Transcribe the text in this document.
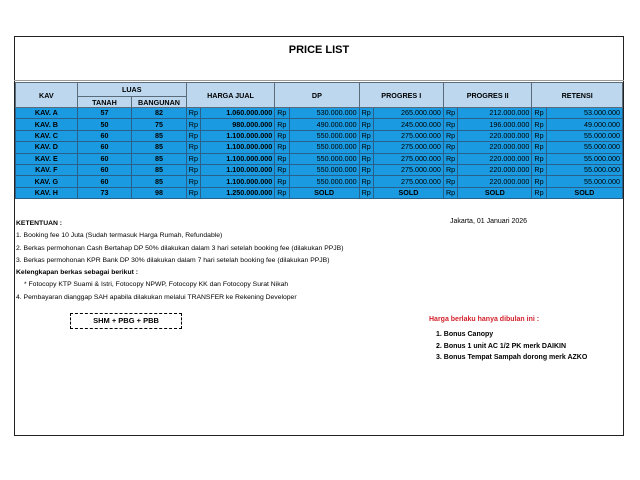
PRICE LIST
KAV	LUAS		HARGA JUAL		DP		PROGRES I		PROGRES II		RETENSI	
	TANAH	BANGUNAN										
KAV. A	57	82	Rp	1.060.000.000	Rp	530.000.000	Rp	265.000.000	Rp	212.000.000	Rp	53.000.000
KAV. B	50	75	Rp	980.000.000	Rp	490.000.000	Rp	245.000.000	Rp	196.000.000	Rp	49.000.000
KAV. C	60	85	Rp	1.100.000.000	Rp	550.000.000	Rp	275.000.000	Rp	220.000.000	Rp	55.000.000
KAV. D	60	85	Rp	1.100.000.000	Rp	550.000.000	Rp	275.000.000	Rp	220.000.000	Rp	55.000.000
KAV. E	60	85	Rp	1.100.000.000	Rp	550.000.000	Rp	275.000.000	Rp	220.000.000	Rp	55.000.000
KAV. F	60	85	Rp	1.100.000.000	Rp	550.000.000	Rp	275.000.000	Rp	220.000.000	Rp	55.000.000
KAV. G	60	85	Rp	1.100.000.000	Rp	550.000.000	Rp	275.000.000	Rp	220.000.000	Rp	55.000.000
KAV. H	73	98	Rp	1.250.000.000	Rp	SOLD	Rp	SOLD	Rp	SOLD	Rp	SOLD
KETENTUAN :
1. Booking fee 10 Juta (Sudah termasuk Harga Rumah, Refundable)
2. Berkas permohonan Cash Bertahap DP 50% dilakukan dalam 3 hari setelah booking fee (dilakukan PPJB)
3. Berkas permohonan KPR Bank DP 30% dilakukan dalam 7 hari setelah booking fee (dilakukan PPJB)
Kelengkapan berkas sebagai berikut :
* Fotocopy KTP Suami & Istri, Fotocopy NPWP, Fotocopy KK dan Fotocopy Surat Nikah
4. Pembayaran dianggap SAH apabila dilakukan melalui TRANSFER ke Rekening Developer
Jakarta, 01 Januari 2026
SHM + PBG + PBB	Harga berlaku hanya dibulan ini :
1. Bonus Canopy
2. Bonus 1 unit AC 1/2 PK merk DAIKIN
3. Bonus Tempat Sampah dorong merk AZKO
